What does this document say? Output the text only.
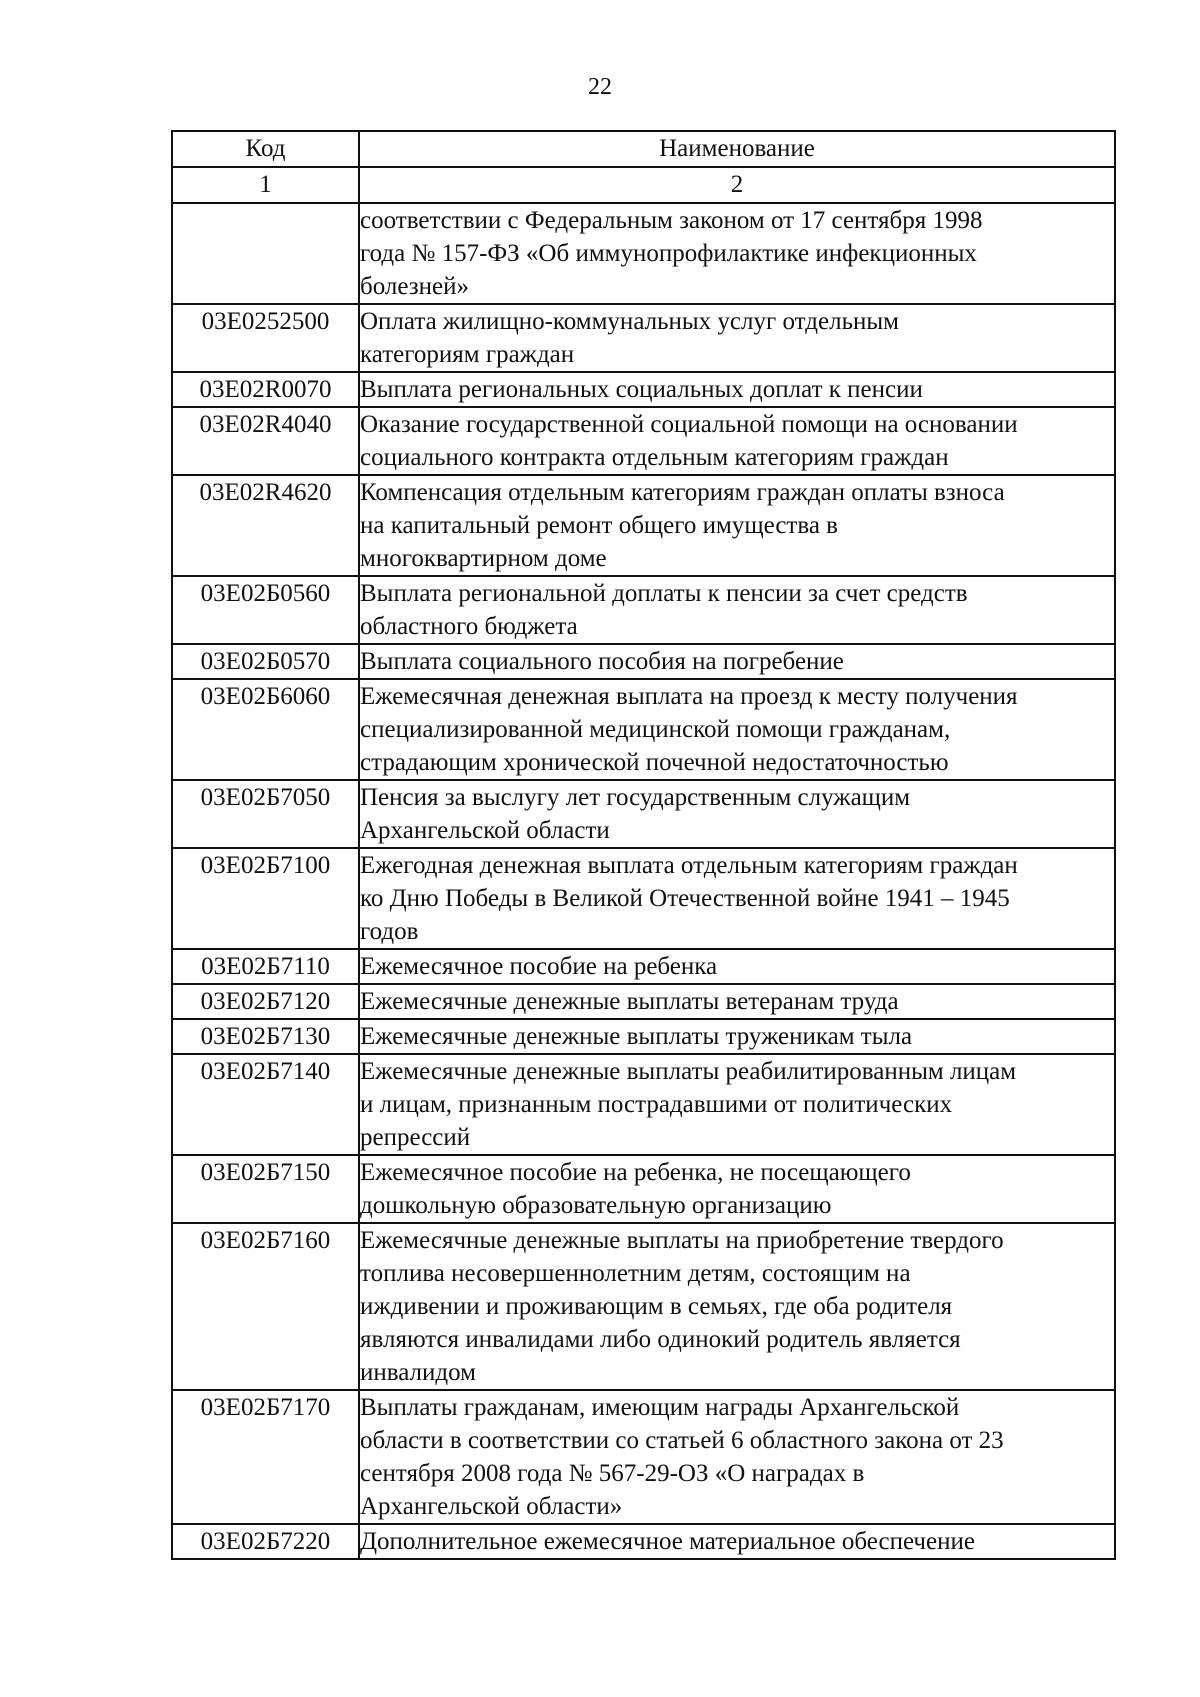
22
Код	Наименование
1	2

	соответствии с Федеральным законом от 17 сентября 1998
года № 157-ФЗ «Об иммунопрофилактике инфекционных
болезней»

03Е0252500	Оплата жилищно-коммунальных услуг отдельным
категориям граждан

03Е02R0070	Выплата региональных социальных доплат к пенсии

03Е02R4040	Оказание государственной социальной помощи на основании
социального контракта отдельным категориям граждан

03Е02R4620	Компенсация отдельным категориям граждан оплаты взноса
на капитальный ремонт общего имущества в
многоквартирном доме

03Е02Б0560	Выплата региональной доплаты к пенсии за счет средств
областного бюджета

03Е02Б0570	Выплата социального пособия на погребение

03Е02Б6060	Ежемесячная денежная выплата на проезд к месту получения
специализированной медицинской помощи гражданам,
страдающим хронической почечной недостаточностью

03Е02Б7050	Пенсия за выслугу лет государственным служащим
Архангельской области

03Е02Б7100	Ежегодная денежная выплата отдельным категориям граждан
ко Дню Победы в Великой Отечественной войне 1941 – 1945
годов

03Е02Б7110	Ежемесячное пособие на ребенка

03Е02Б7120	Ежемесячные денежные выплаты ветеранам труда

03Е02Б7130	Ежемесячные денежные выплаты труженикам тыла

03Е02Б7140	Ежемесячные денежные выплаты реабилитированным лицам
и лицам, признанным пострадавшими от политических
репрессий

03Е02Б7150	Ежемесячное пособие на ребенка, не посещающего
дошкольную образовательную организацию

03Е02Б7160	Ежемесячные денежные выплаты на приобретение твердого
топлива несовершеннолетним детям, состоящим на
иждивении и проживающим в семьях, где оба родителя
являются инвалидами либо одинокий родитель является
инвалидом

03Е02Б7170	Выплаты гражданам, имеющим награды Архангельской
области в соответствии со статьей 6 областного закона от 23
сентября 2008 года № 567-29-ОЗ «О наградах в
Архангельской области»

03Е02Б7220	Дополнительное ежемесячное материальное обеспечение
